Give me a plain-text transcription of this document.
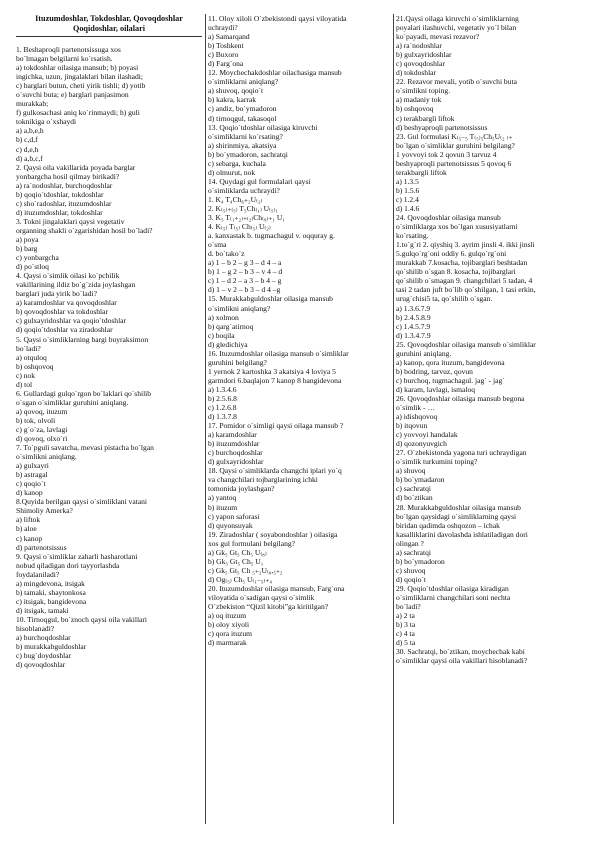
Ituzumdoshlar, Tokdoshlar, Qovoqdoshlar
Qoqidoshlar, oilalari
1. Beshaproqli partenotsissuga xos
bo`lmagan belgilarni ko`rsatish.
a) tokdoshlar oilasiga mansub; b) poyasi
ingichka, uzun, jingalaklari bilan ilashadi;
c) barglari butun, cheti yirik tishli; d) yotib
o`suvchi buta; e) barglari panjasimon
murakkab;
f) gulkosachasi aniq ko`rinmaydi; h) guli
toknikiga o`xshaydi
a) a,b,e,h
b) c,d,f
c) d,e,h
d) a,b,c,f
2. Qaysi oila vakillarida poyada barglar
yonbargcha hosil qilmay birikadi?
a) ra`nodoshlar, burchoqdoshlar
b) qoqio`tdoshlar, tokdoshlar
c) sho`radoshlar, ituzumdoshlar
d) ituzumdoshlar, tokdoshlar
3. Tokni jingalaklari qaysi vegetativ
organning shakli o`zgarishidan hosil bo`ladi?
a) poya
b) barg
c) yonbargcha
d) po`stloq
4. Qaysi o`simlik oilasi ko`pchilik
vakillarining ildiz bo`g`zida joylashgan
barglari juda yirik bo`ladi?
a) karamdoshlar va qovoqdoshlar
b) qovoqdoshlar va tokdoshlar
c) gulxayridoshlar va qoqio`tdoshlar
d) qoqio`tdoshlar va ziradoshlar
5. Qaysi o`simliklarning bargi buyraksimon
bo`ladi?
a) otquloq
b) oshqovoq
c) nok
d) tol
6. Gullardagi gulqo`rgon bo`laklari qo`shilib
o`sgan o`simliklar guruhini aniqlang.
a) qovoq, ituzum
b) tok, olvoli
c) g`o`za, lavlagi
d) qovoq, olxo`ri
7. To`pguli savatcha, mevasi pistacha bo`lgan
o`simlikni aniqlang.
a) gulxayri
b) astragal
c) qoqio`t
d) kanop
8.Quyida berilgan qaysi o`simliklani vatani
Shimoliy Amerka?
a) liftok
b) aloe
c) kanop
d) partenotsissus
9. Qaysi o`simliklar zaharli hasharotlani
nobud qiladigan dori tayyorlashda
foydalaniladi?
a) mingdevona, itsigak
b) tamaki, shaytonkosa
c) itsigak, bangidevona
d) itsigak, tamaki
10. Tirnoqgul, bo`znoch qaysi oila vakillari
hisoblanadi?
a) burchoqdoshlar
b) murakkabguldoshlar
c) bug`doydoshlar
d) qovoqdoshlar
11. Oloy xiloli O`zbekistondi qaysi viloyatida
uchraydi?
a) Samarqand
b) Toshkent
c) Buxoro
d) Farg`ona
12. Moychechakdoshlar oilachasiga mansub
o`simliklarni aniqlang?
a) shuvoq, qoqio`t
b) kakra, karrak
c) andiz, bo`ymadoron
d) tirnoqgul, takasoqol
13. Qoqio`tdoshlar oilasiga kiruvchi
o`simliklarni ko`rsating?
a) shirinmiya, akatsiya
b) bo`ymadoron, sachratqi
c) sebarga, kuchala
d) olmurut, nok
14. Quydagi gul formulalari qaysi
o`simliklarda uchraydi?
1. K₄ T₄Ch₆₊₂U₍₂₎
2. K₍₅₎₊₍₅₎ T₅Ch₍₁₎ U₍₅₎₁
3. K₅ T₍₁₊₂₎₊₍₂₎Ch₍₉₎₊₁ U₁
4. K₍₅₎ T₍₅₎ Ch₍₅₎ U₍₂₎
a. kanxastak b. tugmachagul v. oqquray g.
o`sma
d. bo`tako`z
a) 1 – b 2 – g 3 – d 4 – a
b) 1 – g 2 – b 3 – v 4 – d
c) 1 – d 2 – a 3 – b 4 – g
d) 1 – v 2 – b 3 – d 4 –g
15. Murakkabguldoshlar oilasiga mansub
o`simlikni aniqlang?
a) xolmon
b) qarg`atirnoq
c) boqila
d) gledichiya
16. Ituzumdoshlar oilasiga mansub o`simliklar
guruhini belgilang?
1 yernok 2 kartoshka 3 akatsiya 4 loviya 5
garmdori 6.baqlajon 7 kanop 8 bangidevona
a) 1.3.4.6
b) 2.5.6.8
c) 1.2.6.8
d) 1.3.7.8
17. Pomidor o`simligi qaysi oilaga mansub ?
a) karamdoshlar
b) ituzumdoshlar
c) burchoqdoshlar
d) gulxayridoshlar
18. Qaysi o`simliklarda changchi iplari yo`q
va changchilari tojbarglarining ichki
tomonida joylashgan?
a) yantoq
b) ituzum
c) yapon saforasi
d) quyonsuyak
19. Ziradoshlar ( soyabondoshlar ) oilasiga
xos gul formulani belgilang?
a) Gk₅ Gt₅ Ch₅ U₍₈₎
b) Gk₅ Gt₅ Ch₅ U₁
c) Gk₅ Gt₅ Ch ₅₊₂U₍₀,₅₊₂
d) Og₍₅₎ Ch₅ U₍₁₋₅₎₊₄
20. Ituzumdoshlar oilasiga mansub, Farg`ona
viloyatida o`sadigan qaysi o`simlik
O`zbekiston “Qizil kitobi”ga kiritilgan?
a) oq ituzum
b) oloy xiyoli
c) qora ituzum
d) marmarak
21.Qaysi oilaga kiruvchi o`simliklarning
poyalari ilashuvchi, vegetativ yo`l bilan
ko`payadi, mevasi rezavor?
a) ra`nodoshlar
b) gulxayridoshlar
c) qovoqdoshlar
d) tokdoshlar
22. Rezavor mevali, yotib o`suvchi buta
o`simlikni toping.
a) madaniy tok
b) oshqovoq
c) terakbargli liftok
d) beshyaproqli partenotsissus
23. Gul formulasi K₍₅₋₅ T₍₅₎₅Ch₅U₍₂ ₎₊
bo`lgan o`simliklar guruhini belgilang?
1 yovvoyi tok 2 qovun 3 tarvuz 4
beshyaproqli partenotsissus 5 qovoq 6
terakbargli liftok
a) 1.3.5
b) 1.5.6
c) 1.2.4
d) 1.4.6
24. Qovoqdoshlar oilasiga mansub
o`simliklarga xos bo`lgan xususiyatlarni
ko`rsating.
1.to`g`ri 2. qiyshiq 3. ayrim jinsli 4. ikki jinsli
5.gulqo`rg`oni oddiy 6. gulqo`rg`oni
murakkab 7.kosacha, tojibarglari beshtadan
qo`shilib o`sgan 8. kosacha, tojibarglari
qo`shilib o`smagan 9. changchilari 5 tadan, 4
tasi 2 tadan juft bo`lib qo`shilgan, 1 tasi erkin,
urug`chisi5 ta, qo`shilib o`sgan.
a) 1.3.6.7.9
b) 2.4.5.8.9
c) 1.4.5.7.9
d) 1.3.4.7.9
25. Qovoqdoshlar oilasiga mansub o`simliklar
guruhini aniqlang.
a) kanop, qora ituzum, bangidevona
b) bodring, tarvuz, qovun
c) burchoq, tugmachagul. jag` - jag`
d) karam, lavlagi, ismaloq
26. Qovoqdoshlar oilasiga mansub begona
o`simlik - …
a) idishqovoq
b) itqovun
c) yovvoyi handalak
d) qozonyuvgich
27. O`zbekistonda yagona turi uchraydigan
o`simlik turkumini toping?
a) shuvoq
b) bo`ymadaron
c) sachratqi
d) bo`ztikan
28. Murakkabguldoshlar oilasiga mansub
bo`lgan qaysidagi o`simliklarning qaysi
biridan qadimda oshqozon – ichak
kasalliklarini davolashda ishlatiladigan dori
olingan ?
a) sachratqi
b) bo`ymadoron
c) shuvoq
d) qoqio`t
29. Qoqio`tdoshlar oilasiga kiradigan
o`simliklarni changchilari soni nechta
bo`ladi?
a) 2 ta
b) 3 ta
c) 4 ta
d) 5 ta
30. Sachratqi, bo`ztikan, moychechak kabi
o`simliklar qaysi oila vakillari hisoblanadi?
